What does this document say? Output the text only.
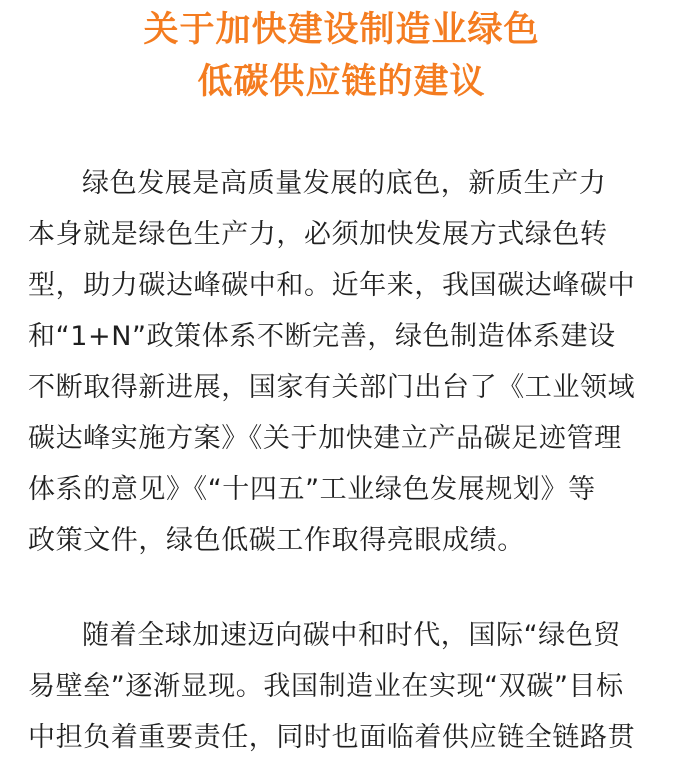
关于加快建设制造业绿色
低碳供应链的建议
绿色发展是高质量发展的底色，新质生产力
本身就是绿色生产力，必须加快发展方式绿色转
型，助力碳达峰碳中和。近年来，我国碳达峰碳中
和“1+N”政策体系不断完善，绿色制造体系建设
不断取得新进展，国家有关部门出台了《工业领域
碳达峰实施方案》《关于加快建立产品碳足迹管理
体系的意见》《“十四五”工业绿色发展规划》等
政策文件，绿色低碳工作取得亮眼成绩。
随着全球加速迈向碳中和时代，国际“绿色贸
易壁垒”逐渐显现。我国制造业在实现“双碳”目标
中担负着重要责任，同时也面临着供应链全链路贯
